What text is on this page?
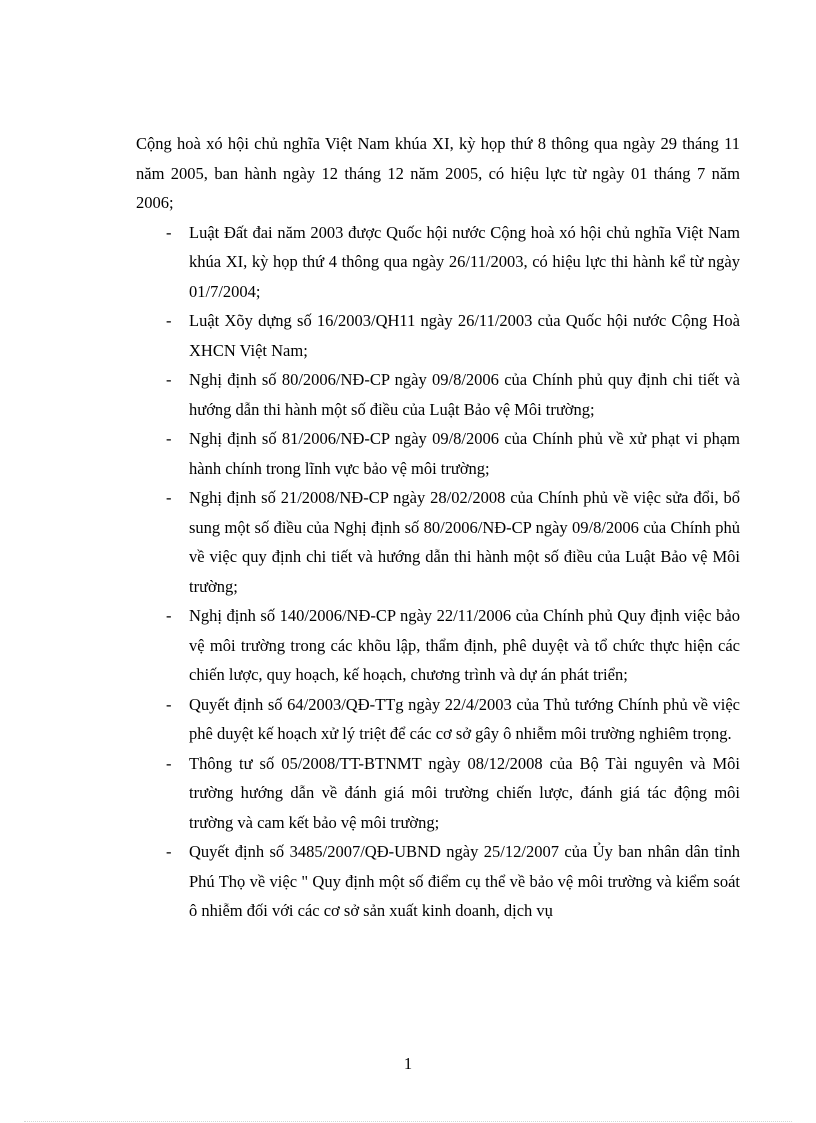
Cộng hoà xó hội chủ nghĩa Việt Nam khúa XI, kỳ họp thứ 8 thông qua ngày 29 tháng 11 năm 2005, ban hành ngày 12 tháng 12 năm 2005, có hiệu lực từ ngày 01 tháng 7 năm 2006;

- Luật Đất đai năm 2003 được Quốc hội nước Cộng hoà xó hội chủ nghĩa Việt Nam khúa XI, kỳ họp thứ 4 thông qua ngày 26/11/2003, có hiệu lực thi hành kể từ ngày 01/7/2004;
- Luật Xõy dựng số 16/2003/QH11 ngày 26/11/2003 của Quốc hội nước Cộng Hoà XHCN Việt Nam;
- Nghị định số 80/2006/NĐ-CP ngày 09/8/2006 của Chính phủ quy định chi tiết và hướng dẫn thi hành một số điều của Luật Bảo vệ Môi trường;
- Nghị định số 81/2006/NĐ-CP ngày 09/8/2006 của Chính phủ về xử phạt vi phạm hành chính trong lĩnh vực bảo vệ môi trường;
- Nghị định số 21/2008/NĐ-CP ngày 28/02/2008 của Chính phủ về việc sửa đổi, bổ sung một số điều của Nghị định số 80/2006/NĐ-CP ngày 09/8/2006 của Chính phủ về việc quy định chi tiết và hướng dẫn thi hành một số điều của Luật Bảo vệ Môi trường;
- Nghị định số 140/2006/NĐ-CP ngày 22/11/2006 của Chính phủ Quy định việc bảo vệ môi trường trong các khõu lập, thẩm định, phê duyệt và tổ chức thực hiện các chiến lược, quy hoạch, kế hoạch, chương trình và dự án phát triển;
- Quyết định số 64/2003/QĐ-TTg ngày 22/4/2003 của Thủ tướng Chính phủ về việc phê duyệt kế hoạch xử lý triệt để các cơ sở gây ô nhiễm môi trường nghiêm trọng.
- Thông tư số 05/2008/TT-BTNMT ngày 08/12/2008 của Bộ Tài nguyên và Môi trường hướng dẫn về đánh giá môi trường chiến lược, đánh giá tác động môi trường và cam kết bảo vệ môi trường;
- Quyết định số 3485/2007/QĐ-UBND ngày 25/12/2007 của Ủy ban nhân dân tỉnh Phú Thọ về việc " Quy định một số điểm cụ thể về bảo vệ môi trường và kiểm soát ô nhiễm đối với các cơ sở sản xuất kinh doanh, dịch vụ
1
